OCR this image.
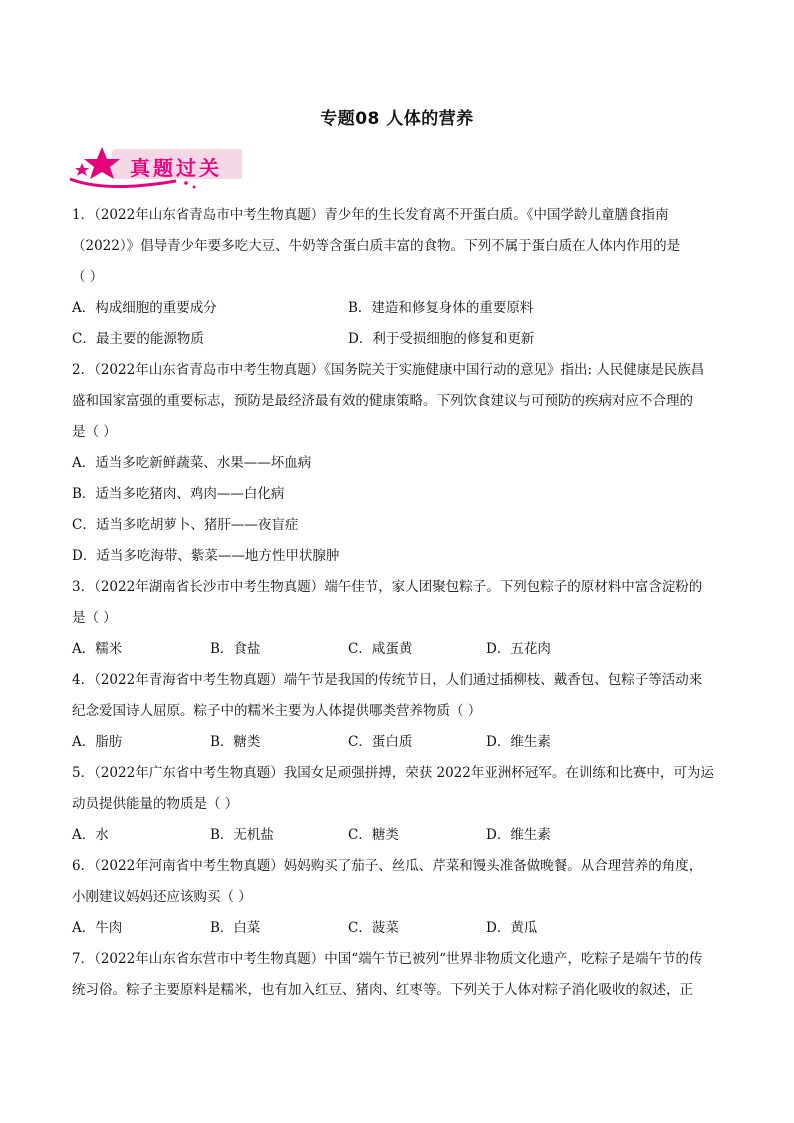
专题08 人体的营养
真题过关
1．（2022年山东省青岛市中考生物真题）青少年的生长发育离不开蛋白质。《中国学龄儿童膳食指南
（2022）》倡导青少年要多吃大豆、牛奶等含蛋白质丰富的食物。下列不属于蛋白质在人体内作用的是
（ ）
A．构成细胞的重要成分	B．建造和修复身体的重要原料
C．最主要的能源物质	D．利于受损细胞的修复和更新
2．（2022年山东省青岛市中考生物真题）《国务院关于实施健康中国行动的意见》指出: 人民健康是民族昌
盛和国家富强的重要标志，预防是最经济最有效的健康策略。下列饮食建议与可预防的疾病对应不合理的
是（ ）
A．适当多吃新鲜蔬菜、水果——坏血病
B．适当多吃猪肉、鸡肉——白化病
C．适当多吃胡萝卜、猪肝——夜盲症
D．适当多吃海带、紫菜——地方性甲状腺肿
3．（2022年湖南省长沙市中考生物真题）端午佳节，家人团聚包粽子。下列包粽子的原材料中富含淀粉的
是（ ）
A．糯米	B．食盐	C．咸蛋黄	D．五花肉
4．（2022年青海省中考生物真题）端午节是我国的传统节日，人们通过插柳枝、戴香包、包粽子等活动来
纪念爱国诗人屈原。粽子中的糯米主要为人体提供哪类营养物质（ ）
A．脂肪	B．糖类	C．蛋白质	D．维生素
5．（2022年广东省中考生物真题）我国女足顽强拼搏，荣获 2022年亚洲杯冠军。在训练和比赛中，可为运
动员提供能量的物质是（ ）
A．水	B．无机盐	C．糖类	D．维生素
6．（2022年河南省中考生物真题）妈妈购买了茄子、丝瓜、芹菜和馒头准备做晚餐。从合理营养的角度，
小刚建议妈妈还应该购买（ ）
A．牛肉	B．白菜	C．菠菜	D．黄瓜
7．（2022年山东省东营市中考生物真题）中国“端午节已被列“世界非物质文化遗产，吃粽子是端午节的传
统习俗。粽子主要原料是糯米，也有加入红豆、猪肉、红枣等。下列关于人体对粽子消化吸收的叙述，正
